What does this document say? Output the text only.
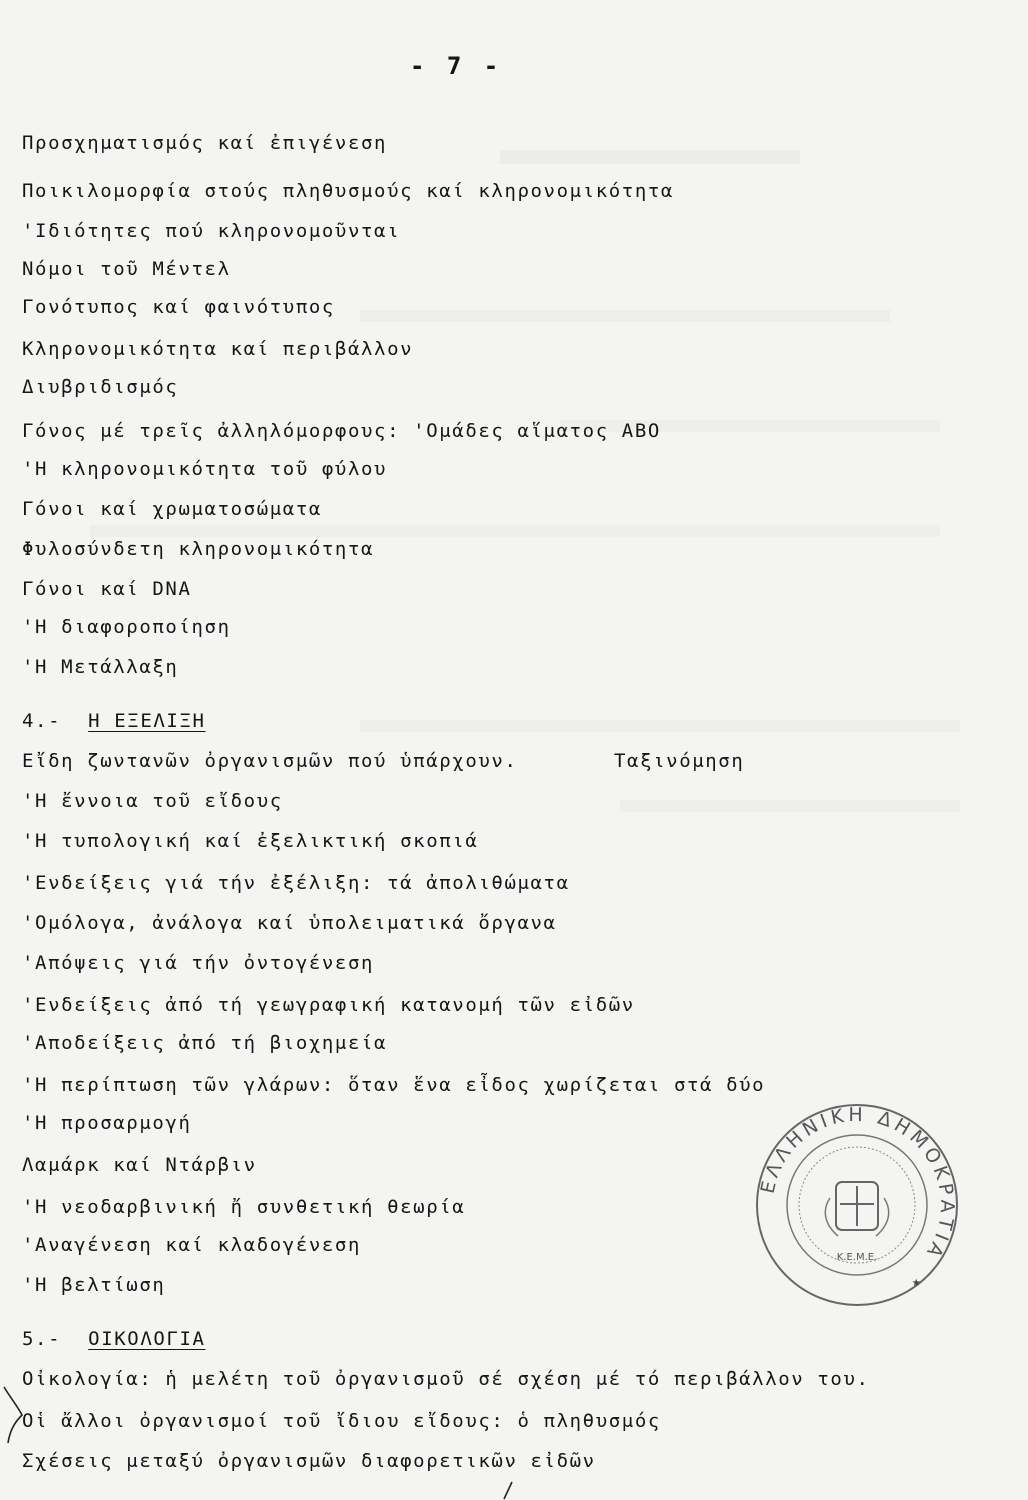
- 7 -
Προσχηματισμός καί ἐπιγένεση
Ποικιλομορφία στούς πληθυσμούς καί κληρονομικότητα
'Ιδιότητες πού κληρονομοῦνται
Νόμοι τοῦ Μέντελ
Γονότυπος καί φαινότυπος
Κληρονομικότητα καί περιβάλλον
Διυβριδισμός
Γόνος μέ τρεῖς ἀλληλόμορφους: 'Ομάδες αἵματος ABO
'Η κληρονομικότητα τοῦ φύλου
Γόνοι καί χρωματοσώματα
Φυλοσύνδετη κληρονομικότητα
Γόνοι καί DNA
'Η διαφοροποίηση
'Η Μετάλλαξη
4.- Η ΕΞΕΛΙΞΗ
Εἴδη ζωντανῶν ὀργανισμῶν πού ὑπάρχουν.	Ταξινόμηση
'Η ἔννοια τοῦ εἴδους
'Η τυπολογική καί ἐξελικτική σκοπιά
'Ενδείξεις γιά τήν ἐξέλιξη: τά ἀπολιθώματα
'Ομόλογα, ἀνάλογα καί ὑπολειματικά ὄργανα
'Απόψεις γιά τήν ὀντογένεση
'Ενδείξεις ἀπό τή γεωγραφική κατανομή τῶν εἰδῶν
'Αποδείξεις ἀπό τή βιοχημεία
'Η περίπτωση τῶν γλάρων: ὅταν ἕνα εἶδος χωρίζεται στά δύο
'Η προσαρμογή
Λαμάρκ καί Ντάρβιν
'Η νεοδαρβινική ἤ συνθετική θεωρία
'Αναγένεση καί κλαδογένεση
'Η βελτίωση
5.- ΟΙΚΟΛΟΓΙΑ
Οἰκολογία: ἡ μελέτη τοῦ ὀργανισμοῦ σέ σχέση μέ τό περιβάλλον του.
Οἱ ἄλλοι ὀργανισμοί τοῦ ἴδιου εἴδους: ὁ πληθυσμός
Σχέσεις μεταξύ ὀργανισμῶν διαφορετικῶν εἰδῶν
ΕΛΛΗΝΙΚΗ ΔΗΜΟΚΡΑΤΙΑ
Κ.Ε.Μ.Ε.
★
